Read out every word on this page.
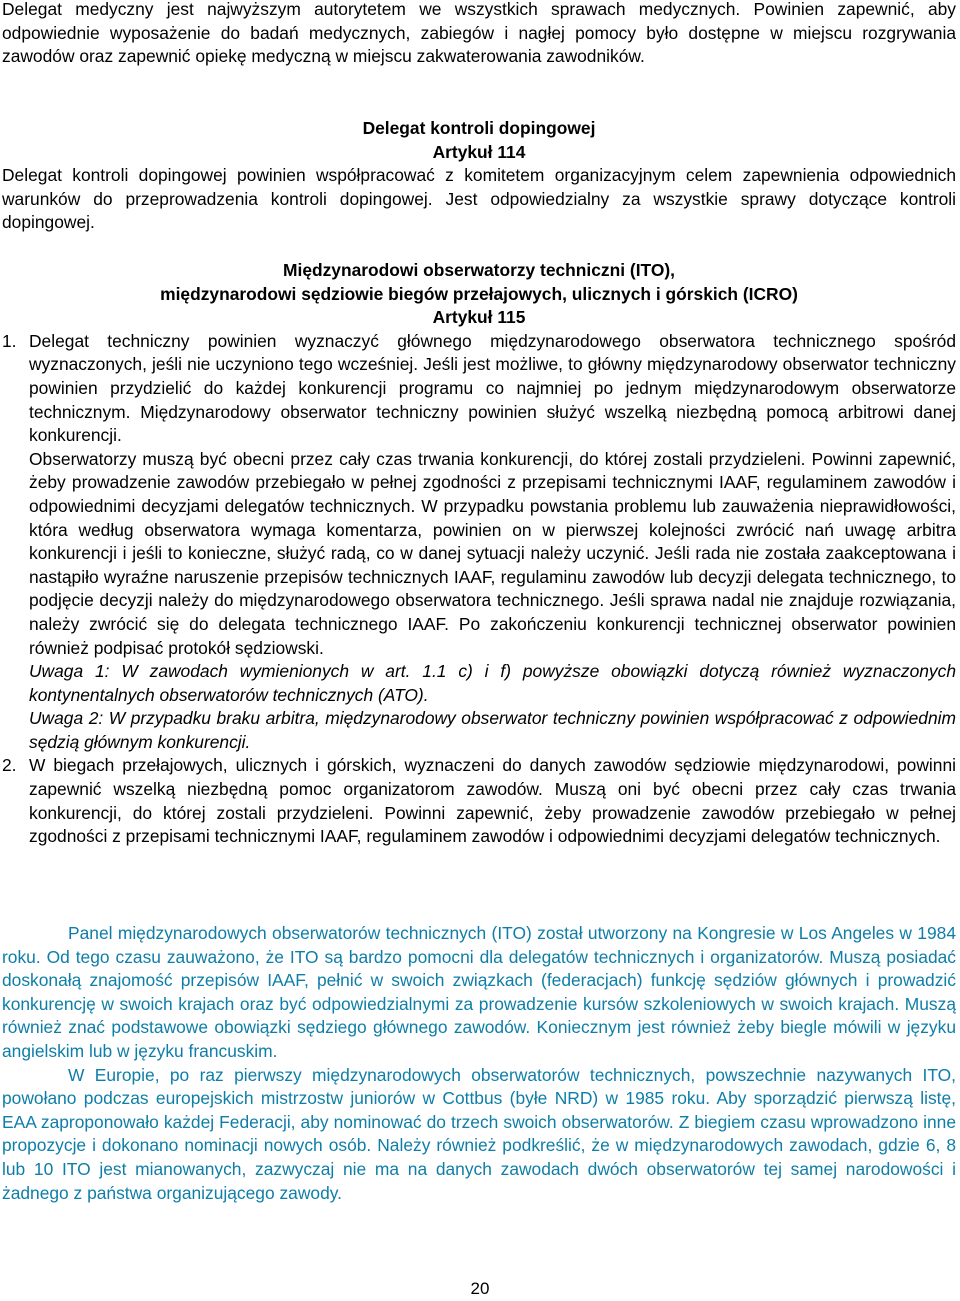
Delegat medyczny jest najwyższym autorytetem we wszystkich sprawach medycznych. Powinien zapewnić, aby odpowiednie wyposażenie do badań medycznych, zabiegów i nagłej pomocy było dostępne w miejscu rozgrywania zawodów oraz zapewnić opiekę medyczną w miejscu zakwaterowania zawodników.

Delegat kontroli dopingowej

Artykuł 114

Delegat kontroli dopingowej powinien współpracować z komitetem organizacyjnym celem zapewnienia odpowiednich warunków do przeprowadzenia kontroli dopingowej. Jest odpowiedzialny za wszystkie sprawy dotyczące kontroli dopingowej.

Międzynarodowi obserwatorzy techniczni (ITO),

międzynarodowi sędziowie biegów przełajowych, ulicznych i górskich (ICRO)

Artykuł 115

1. Delegat techniczny powinien wyznaczyć głównego międzynarodowego obserwatora technicznego spośród wyznaczonych, jeśli nie uczyniono tego wcześniej. Jeśli jest możliwe, to główny międzynarodowy obserwator techniczny powinien przydzielić do każdej konkurencji programu co najmniej po jednym międzynarodowym obserwatorze technicznym. Międzynarodowy obserwator techniczny powinien służyć wszelką niezbędną pomocą arbitrowi danej konkurencji.

Obserwatorzy muszą być obecni przez cały czas trwania konkurencji, do której zostali przydzieleni. Powinni zapewnić, żeby prowadzenie zawodów przebiegało w pełnej zgodności z przepisami technicznymi IAAF, regulaminem zawodów i odpowiednimi decyzjami delegatów technicznych. W przypadku powstania problemu lub zauważenia nieprawidłowości, która według obserwatora wymaga komentarza, powinien on w pierwszej kolejności zwrócić nań uwagę arbitra konkurencji i jeśli to konieczne, służyć radą, co w danej sytuacji należy uczynić. Jeśli rada nie została zaakceptowana i nastąpiło wyraźne naruszenie przepisów technicznych IAAF, regulaminu zawodów lub decyzji delegata technicznego, to podjęcie decyzji należy do międzynarodowego obserwatora technicznego. Jeśli sprawa nadal nie znajduje rozwiązania, należy zwrócić się do delegata technicznego IAAF. Po zakończeniu konkurencji technicznej obserwator powinien również podpisać protokół sędziowski.

Uwaga 1: W zawodach wymienionych w art. 1.1 c) i f) powyższe obowiązki dotyczą również wyznaczonych kontynentalnych obserwatorów technicznych (ATO).

Uwaga 2: W przypadku braku arbitra, międzynarodowy obserwator techniczny powinien współpracować z odpowiednim sędzią głównym konkurencji.

2. W biegach przełajowych, ulicznych i górskich, wyznaczeni do danych zawodów sędziowie międzynarodowi, powinni zapewnić wszelką niezbędną pomoc organizatorom zawodów. Muszą oni być obecni przez cały czas trwania konkurencji, do której zostali przydzieleni. Powinni zapewnić, żeby prowadzenie zawodów przebiegało w pełnej zgodności z przepisami technicznymi IAAF, regulaminem zawodów i odpowiednimi decyzjami delegatów technicznych.

Panel międzynarodowych obserwatorów technicznych (ITO) został utworzony na Kongresie w Los Angeles w 1984 roku. Od tego czasu zauważono, że ITO są bardzo pomocni dla delegatów technicznych i organizatorów. Muszą posiadać doskonałą znajomość przepisów IAAF, pełnić w swoich związkach (federacjach) funkcję sędziów głównych i prowadzić konkurencję w swoich krajach oraz być odpowiedzialnymi za prowadzenie kursów szkoleniowych w swoich krajach. Muszą również znać podstawowe obowiązki sędziego głównego zawodów. Koniecznym jest również żeby biegle mówili w języku angielskim lub w języku francuskim.

W Europie, po raz pierwszy międzynarodowych obserwatorów technicznych, powszechnie nazywanych ITO, powołano podczas europejskich mistrzostw juniorów w Cottbus (byłe NRD) w 1985 roku. Aby sporządzić pierwszą listę, EAA zaproponowało każdej Federacji, aby nominować do trzech swoich obserwatorów. Z biegiem czasu wprowadzono inne propozycje i dokonano nominacji nowych osób. Należy również podkreślić, że w międzynarodowych zawodach, gdzie 6, 8 lub 10 ITO jest mianowanych, zazwyczaj nie ma na danych zawodach dwóch obserwatorów tej samej narodowości i żadnego z państwa organizującego zawody.

20
